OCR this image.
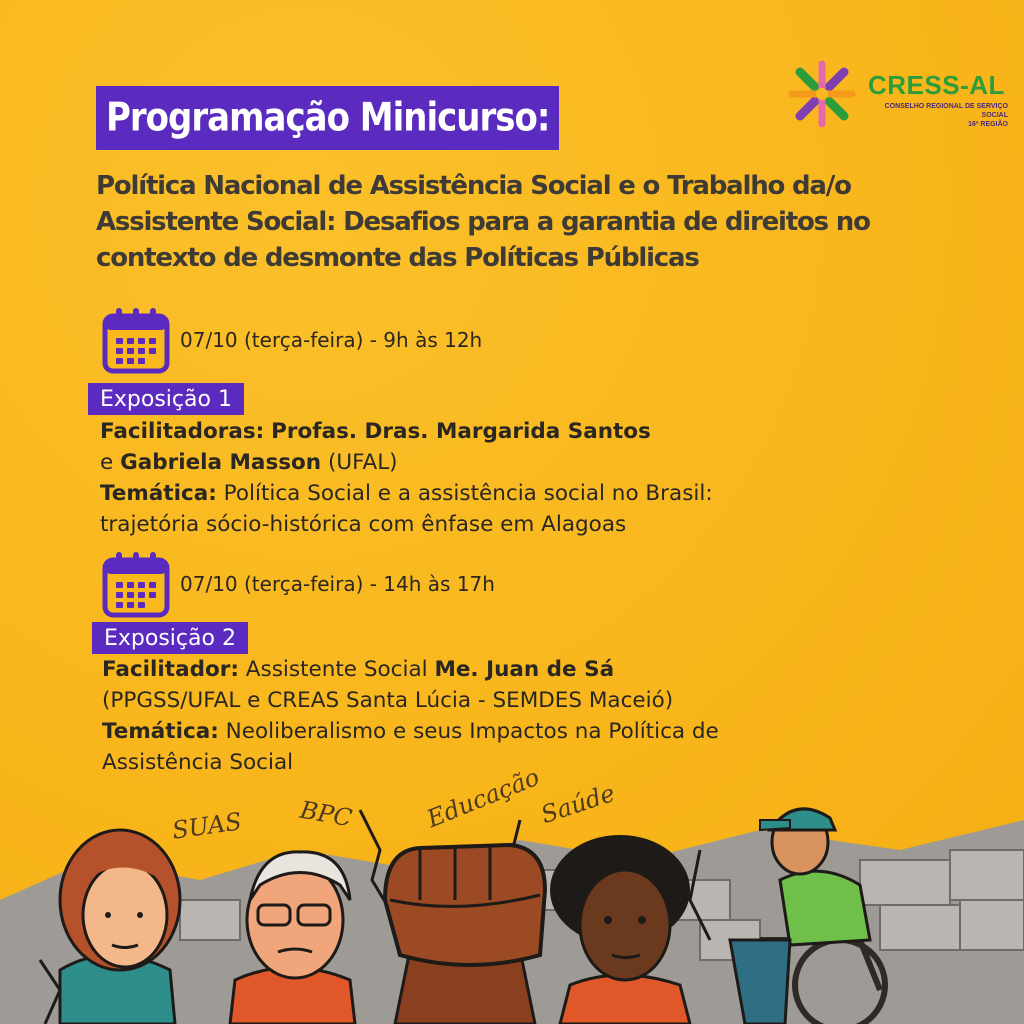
Programação Minicurso:
CRESS-AL
CONSELHO REGIONAL DE SERVIÇO SOCIAL
16ª REGIÃO
Política Nacional de Assistência Social e o Trabalho da/o
Assistente Social: Desafios para a garantia de direitos no
contexto de desmonte das Políticas Públicas
07/10 (terça-feira) - 9h às 12h
Exposição 1
Facilitadoras: Profas. Dras. Margarida Santos
e Gabriela Masson (UFAL)
Temática: Política Social e a assistência social no Brasil:
trajetória sócio-histórica com ênfase em Alagoas
07/10 (terça-feira) - 14h às 17h
Exposição 2
Facilitador: Assistente Social Me. Juan de Sá
(PPGSS/UFAL e CREAS Santa Lúcia - SEMDES Maceió)
Temática: Neoliberalismo e seus Impactos na Política de
Assistência Social
SUAS BPC	Educação
Saúde
